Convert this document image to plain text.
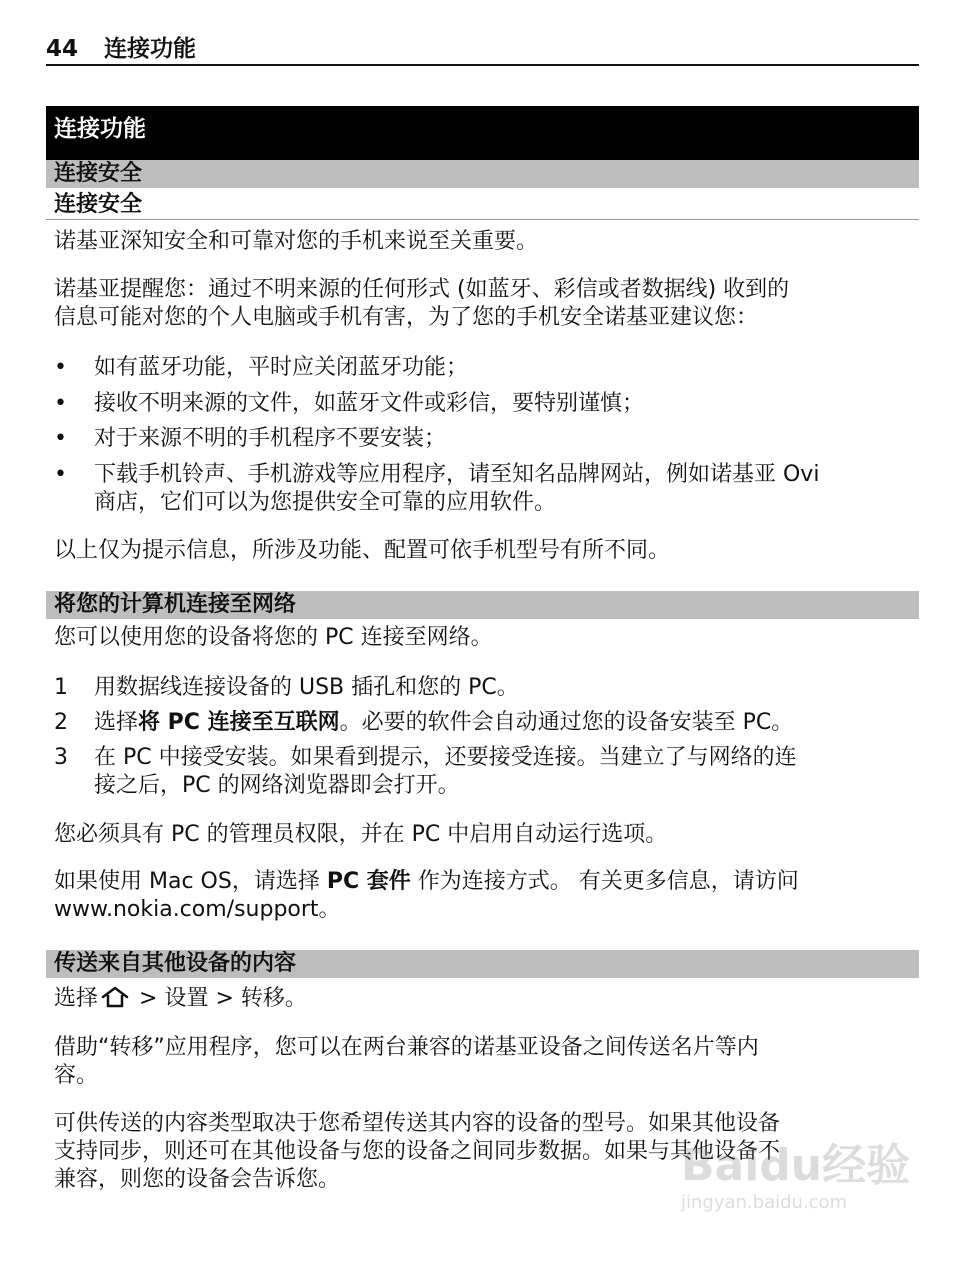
44 连接功能
连接功能
连接安全
连接安全

诺基亚深知安全和可靠对您的手机来说至关重要。

诺基亚提醒您：通过不明来源的任何形式 (如蓝牙、彩信或者数据线) 收到的
信息可能对您的个人电脑或手机有害，为了您的手机安全诺基亚建议您：

•	如有蓝牙功能，平时应关闭蓝牙功能；
•	接收不明来源的文件，如蓝牙文件或彩信，要特别谨慎；
•	对于来源不明的手机程序不要安装；
•	下载手机铃声、手机游戏等应用程序，请至知名品牌网站，例如诺基亚 Ovi
商店，它们可以为您提供安全可靠的应用软件。

以上仅为提示信息，所涉及功能、配置可依手机型号有所不同。

将您的计算机连接至网络

您可以使用您的设备将您的 PC 连接至网络。

1	用数据线连接设备的 USB 插孔和您的 PC。
2	选择将 PC 连接至互联网。必要的软件会自动通过您的设备安装至 PC。
3	在 PC 中接受安装。如果看到提示，还要接受连接。当建立了与网络的连
接之后，PC 的网络浏览器即会打开。

您必须具有 PC 的管理员权限，并在 PC 中启用自动运行选项。

如果使用 Mac OS，请选择 PC 套件 作为连接方式。 有关更多信息，请访问
www.nokia.com/support。

传送来自其他设备的内容

选择 > 设置 > 转移。

借助“转移”应用程序，您可以在两台兼容的诺基亚设备之间传送名片等内
容。

可供传送的内容类型取决于您希望传送其内容的设备的型号。如果其他设备
支持同步，则还可在其他设备与您的设备之间同步数据。如果与其他设备不
兼容，则您的设备会告诉您。	Baidu经验
jingyan.baidu.com
